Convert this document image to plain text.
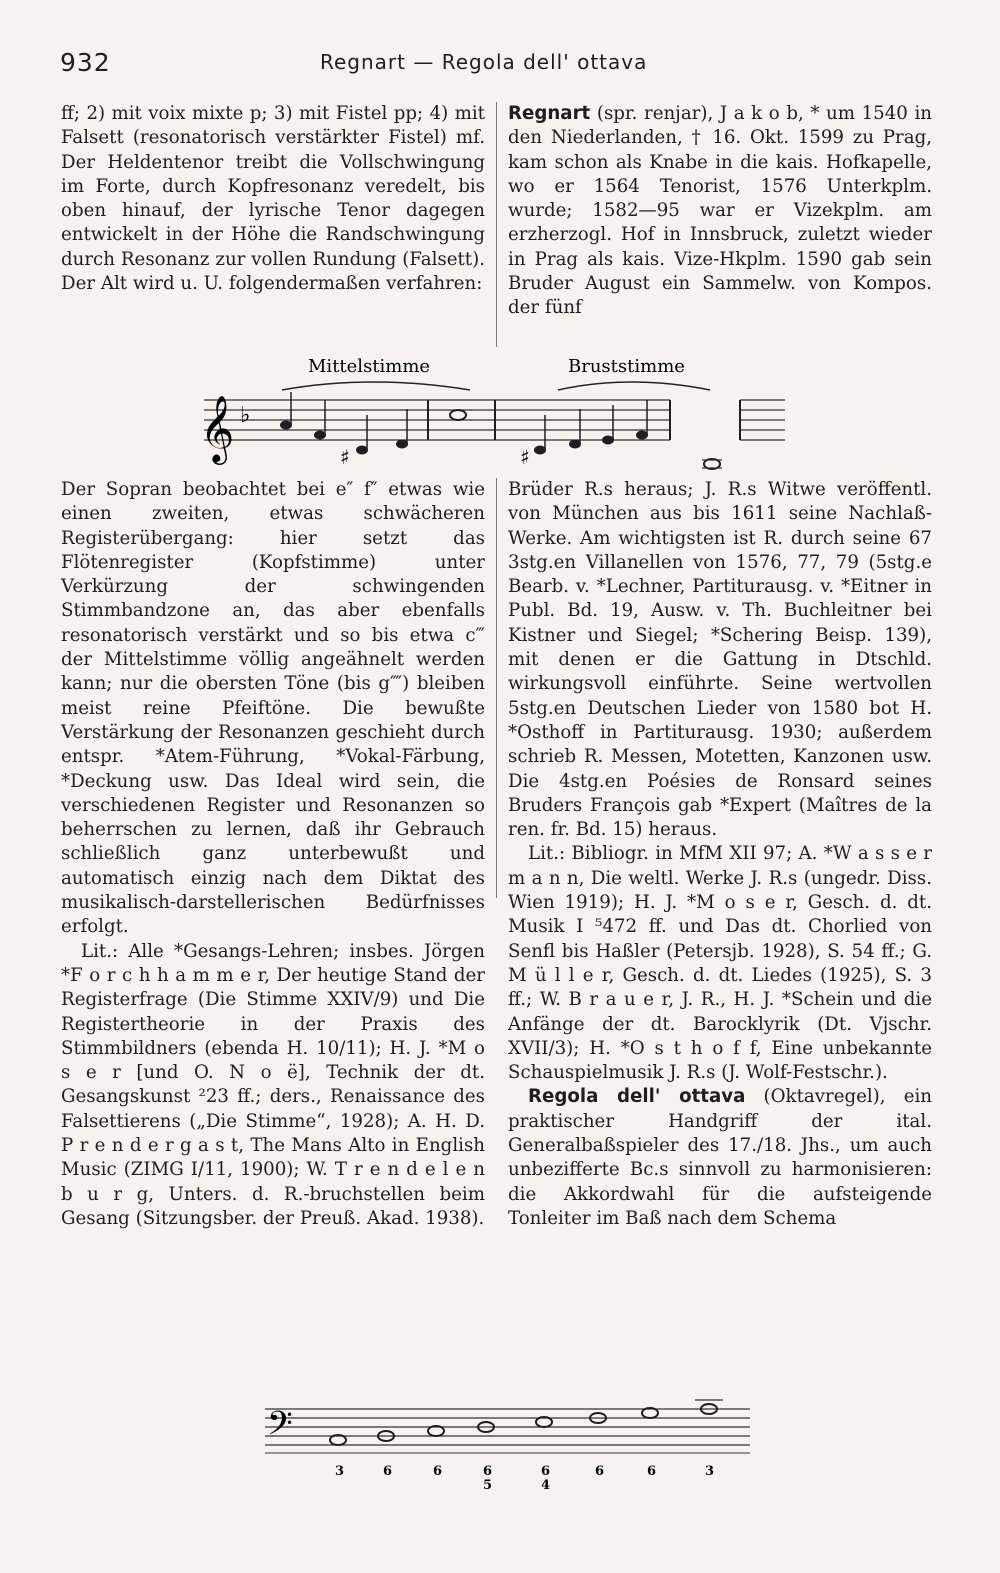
932	Regnart — Regola dell' ottava

ff; 2) mit voix mixte p; 3) mit Fistel pp; 4) mit Falsett (resonatorisch verstärkter Fistel) mf. Der Heldentenor treibt die Vollschwingung im Forte, durch Kopfresonanz veredelt, bis oben hinauf, der lyrische Tenor dagegen entwickelt in der Höhe die Randschwingung durch Resonanz zur vollen Rundung (Falsett). Der Alt wird u. U. folgendermaßen verfahren:

Regnart (spr. renjar), J a k o b, * um 1540 in den Niederlanden, † 16. Okt. 1599 zu Prag, kam schon als Knabe in die kais. Hofkapelle, wo er 1564 Tenorist, 1576 Unterkplm. wurde; 1582—95 war er Vizekplm. am erzherzogl. Hof in Innsbruck, zuletzt wieder in Prag als kais. Vize-Hkplm. 1590 gab sein Bruder August ein Sammelw. von Kompos. der fünf

Mittelstimme	Bruststimme
𝄞 ♭
♯	♯

Der Sopran beobachtet bei e″ f″ etwas wie einen zweiten, etwas schwächeren Registerübergang: hier setzt das Flötenregister (Kopfstimme) unter Verkürzung der schwingenden Stimmbandzone an, das aber ebenfalls resonatorisch verstärkt und so bis etwa c‴ der Mittelstimme völlig angeähnelt werden kann; nur die obersten Töne (bis g⁗) bleiben meist reine Pfeiftöne. Die bewußte Verstärkung der Resonanzen geschieht durch entspr. *Atem-Führung, *Vokal-Färbung, *Deckung usw. Das Ideal wird sein, die verschiedenen Register und Resonanzen so beherrschen zu lernen, daß ihr Gebrauch schließlich ganz unterbewußt und automatisch einzig nach dem Diktat des musikalisch-darstellerischen Bedürfnisses erfolgt.

Lit.: Alle *Gesangs-Lehren; insbes. Jörgen *F o r c h h a m m e r, Der heutige Stand der Registerfrage (Die Stimme XXIV/9) und Die Registertheorie in der Praxis des Stimmbildners (ebenda H. 10/11); H. J. *M o s e r [und O. N o ë], Technik der dt. Gesangskunst ²23 ff.; ders., Renaissance des Falsettierens („Die Stimme“, 1928); A. H. D. P r e n d e r g a s t, The Mans Alto in English Music (ZIMG I/11, 1900); W. T r e n d e l e n b u r g, Unters. d. R.-bruchstellen beim Gesang (Sitzungsber. der Preuß. Akad. 1938).

Brüder R.s heraus; J. R.s Witwe veröffentl. von München aus bis 1611 seine Nachlaß-Werke. Am wichtigsten ist R. durch seine 67 3stg.en Villanellen von 1576, 77, 79 (5stg.e Bearb. v. *Lechner, Partiturausg. v. *Eitner in Publ. Bd. 19, Ausw. v. Th. Buchleitner bei Kistner und Siegel; *Schering Beisp. 139), mit denen er die Gattung in Dtschld. wirkungsvoll einführte. Seine wertvollen 5stg.en Deutschen Lieder von 1580 bot H. *Osthoff in Partiturausg. 1930; außerdem schrieb R. Messen, Motetten, Kanzonen usw. Die 4stg.en Poésies de Ronsard seines Bruders François gab *Expert (Maîtres de la ren. fr. Bd. 15) heraus.

Lit.: Bibliogr. in MfM XII 97; A. *W a s s e r m a n n, Die weltl. Werke J. R.s (ungedr. Diss. Wien 1919); H. J. *M o s e r, Gesch. d. dt. Musik I ⁵472 ff. und Das dt. Chorlied von Senfl bis Haßler (Petersjb. 1928), S. 54 ff.; G. M ü l l e r, Gesch. d. dt. Liedes (1925), S. 3 ff.; W. B r a u e r, J. R., H. J. *Schein und die Anfänge der dt. Barocklyrik (Dt. Vjschr. XVII/3); H. *O s t h o f f, Eine unbekannte Schauspielmusik J. R.s (J. Wolf-Festschr.).

Regola dell' ottava (Oktavregel), ein praktischer Handgriff der ital. Generalbaßspieler des 17./18. Jhs., um auch unbezifferte Bc.s sinnvoll zu harmonisieren: die Akkordwahl für die aufsteigende Tonleiter im Baß nach dem Schema

𝄢
3	6	6	6
5
6
4
6	6	3
